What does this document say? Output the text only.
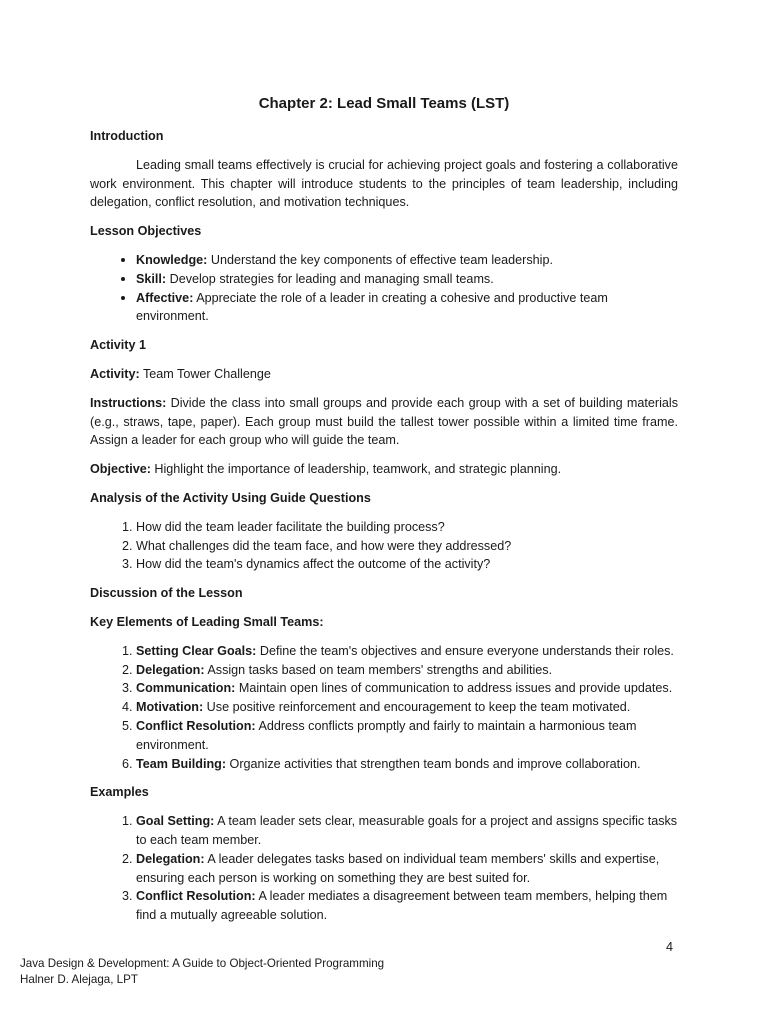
Chapter 2: Lead Small Teams (LST)
Introduction

Leading small teams effectively is crucial for achieving project goals and fostering a collaborative work environment. This chapter will introduce students to the principles of team leadership, including delegation, conflict resolution, and motivation techniques.

Lesson Objectives
• Knowledge: Understand the key components of effective team leadership.
• Skill: Develop strategies for leading and managing small teams.
• Affective: Appreciate the role of a leader in creating a cohesive and productive team environment.
Activity 1

Activity: Team Tower Challenge

Instructions: Divide the class into small groups and provide each group with a set of building materials (e.g., straws, tape, paper). Each group must build the tallest tower possible within a limited time frame. Assign a leader for each group who will guide the team.

Objective: Highlight the importance of leadership, teamwork, and strategic planning.

Analysis of the Activity Using Guide Questions
1. How did the team leader facilitate the building process?
2. What challenges did the team face, and how were they addressed?
3. How did the team's dynamics affect the outcome of the activity?
Discussion of the Lesson
Key Elements of Leading Small Teams:
1. Setting Clear Goals: Define the team's objectives and ensure everyone understands their roles.
2. Delegation: Assign tasks based on team members' strengths and abilities.
3. Communication: Maintain open lines of communication to address issues and provide updates.
4. Motivation: Use positive reinforcement and encouragement to keep the team motivated.
5. Conflict Resolution: Address conflicts promptly and fairly to maintain a harmonious team environment.
6. Team Building: Organize activities that strengthen team bonds and improve collaboration.
Examples
1. Goal Setting: A team leader sets clear, measurable goals for a project and assigns specific tasks to each team member.
2. Delegation: A leader delegates tasks based on individual team members' skills and expertise, ensuring each person is working on something they are best suited for.
3. Conflict Resolution: A leader mediates a disagreement between team members, helping them find a mutually agreeable solution.
4
Java Design & Development: A Guide to Object-Oriented Programming
Halner D. Alejaga, LPT
